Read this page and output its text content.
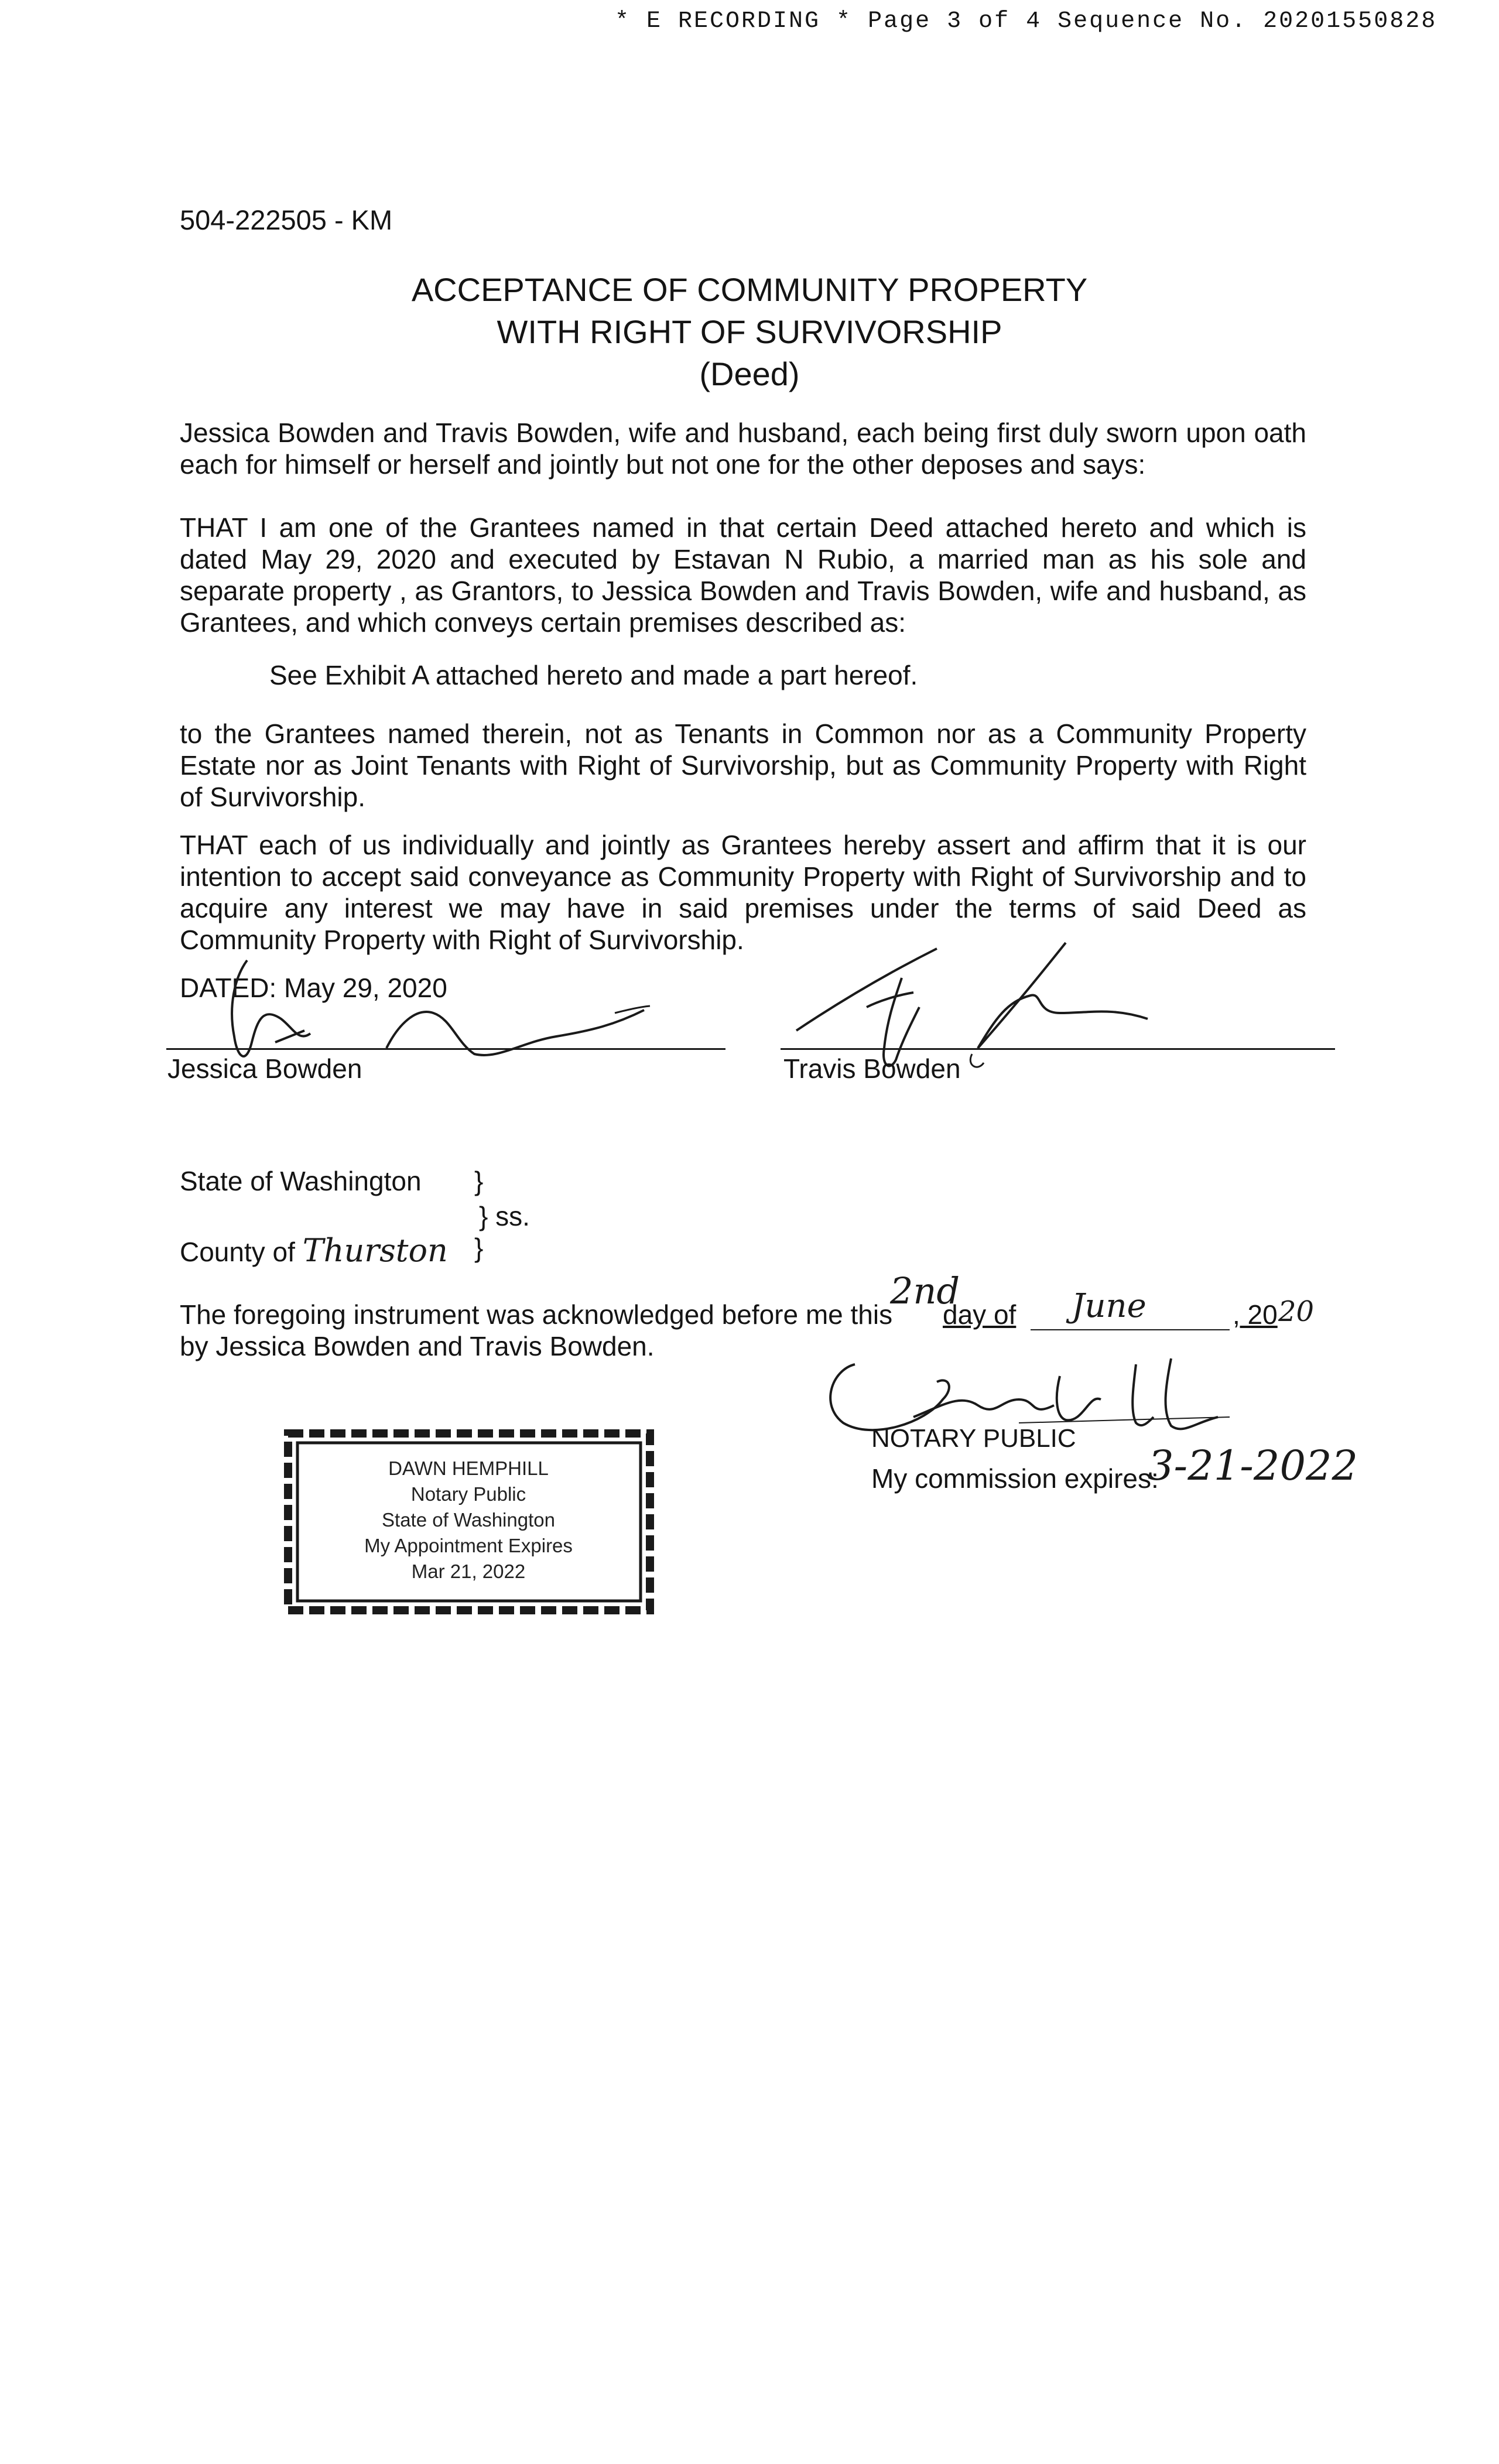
* E RECORDING * Page 3 of 4 Sequence No. 20201550828
504-222505 - KM
ACCEPTANCE OF COMMUNITY PROPERTY
WITH RIGHT OF SURVIVORSHIP
(Deed)
Jessica Bowden and Travis Bowden, wife and husband, each being first duly sworn upon oath each for himself or herself and jointly but not one for the other deposes and says:
THAT I am one of the Grantees named in that certain Deed attached hereto and which is dated May 29, 2020 and executed by Estavan N Rubio, a married man as his sole and separate property , as Grantors, to Jessica Bowden and Travis Bowden, wife and husband, as Grantees, and which conveys certain premises described as:
See Exhibit A attached hereto and made a part hereof.
to the Grantees named therein, not as Tenants in Common nor as a Community Property Estate nor as Joint Tenants with Right of Survivorship, but as Community Property with Right of Survivorship.
THAT each of us individually and jointly as Grantees hereby assert and affirm that it is our intention to accept said conveyance as Community Property with Right of Survivorship and to acquire any interest we may have in said premises under the terms of said Deed as Community Property with Right of Survivorship.
DATED: May 29, 2020
Jessica Bowden	Travis Bowden
State of Washington }
} ss.
County of Thurston }
The foregoing instrument was acknowledged before me this
2nd
day of June	, 20 20
by Jessica Bowden and Travis Bowden.
NOTARY PUBLIC
My commission expires:
3-21-2022
DAWN HEMPHILL
Notary Public
State of Washington
My Appointment Expires
Mar 21, 2022
